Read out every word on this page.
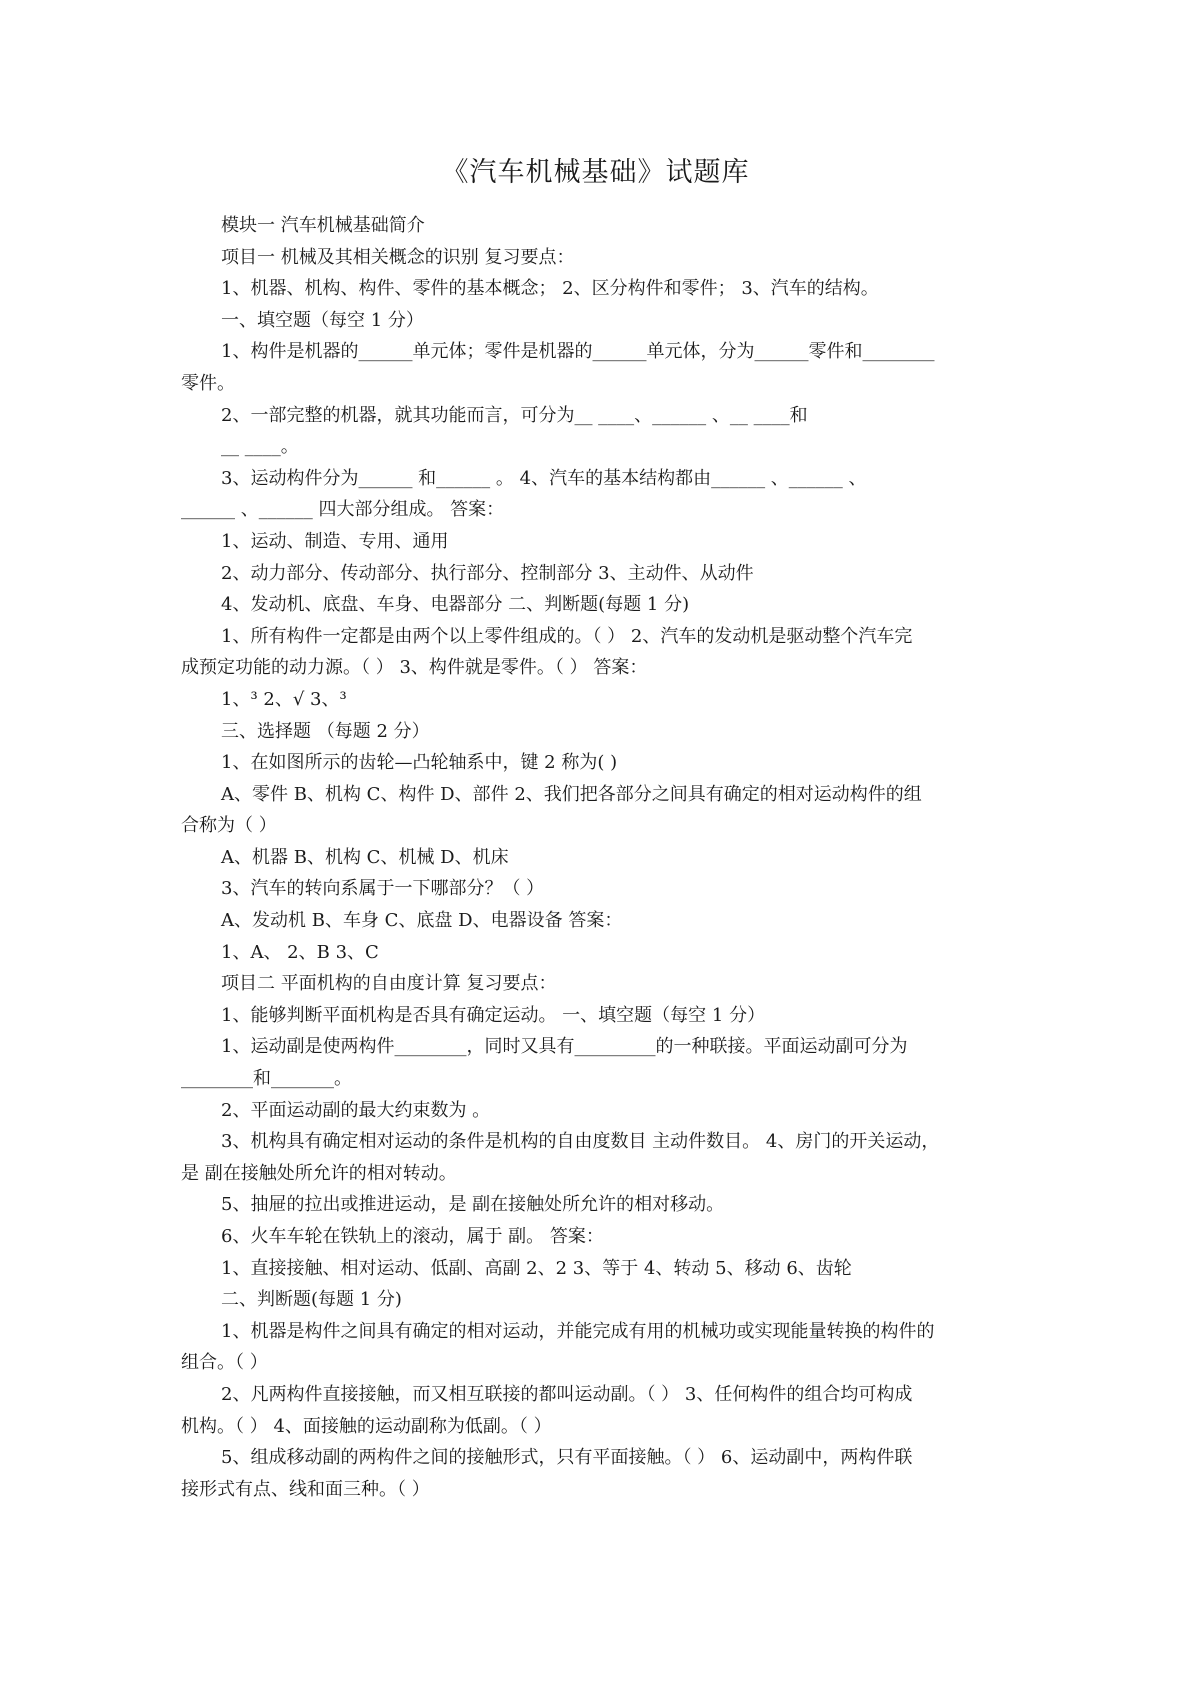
《汽车机械基础》试题库

模块一 汽车机械基础简介

项目一 机械及其相关概念的识别 复习要点：

1、机器、机构、构件、零件的基本概念； 2、区分构件和零件； 3、汽车的结构。

一、填空题（每空 1 分）

1、构件是机器的______单元体；零件是机器的______单元体，分为______零件和________

零件。

2、一部完整的机器，就其功能而言，可分为__ ____、______ 、__ ____和

__ ____。

3、运动构件分为______ 和______ 。 4、汽车的基本结构都由______ 、______ 、

______ 、______ 四大部分组成。 答案：

1、运动、制造、专用、通用

2、动力部分、传动部分、执行部分、控制部分 3、主动件、从动件

4、发动机、底盘、车身、电器部分 二、判断题(每题 1 分)

1、所有构件一定都是由两个以上零件组成的。（ ） 2、汽车的发动机是驱动整个汽车完

成预定功能的动力源。（ ） 3、构件就是零件。（ ） 答案：

1、³ 2、√ 3、³

三、选择题 （每题 2 分）

1、在如图所示的齿轮—凸轮轴系中，键 2 称为( )

A、零件 B、机构 C、构件 D、部件 2、我们把各部分之间具有确定的相对运动构件的组

合称为（ ）

A、机器 B、机构 C、机械 D、机床

3、汽车的转向系属于一下哪部分？（ ）

A、发动机 B、车身 C、底盘 D、电器设备 答案：

1、A、 2、B 3、C

项目二 平面机构的自由度计算 复习要点：

1、能够判断平面机构是否具有确定运动。 一、填空题（每空 1 分）

1、运动副是使两构件________，同时又具有_________的一种联接。平面运动副可分为

________和_______。

2、平面运动副的最大约束数为 。

3、机构具有确定相对运动的条件是机构的自由度数目 主动件数目。 4、房门的开关运动，

是 副在接触处所允许的相对转动。

5、抽屉的拉出或推进运动，是 副在接触处所允许的相对移动。

6、火车车轮在铁轨上的滚动，属于 副。 答案：

1、直接接触、相对运动、低副、高副 2、2 3、等于 4、转动 5、移动 6、齿轮

二、判断题(每题 1 分)

1、机器是构件之间具有确定的相对运动，并能完成有用的机械功或实现能量转换的构件的

组合。（ ）

2、凡两构件直接接触，而又相互联接的都叫运动副。（ ） 3、任何构件的组合均可构成

机构。（ ） 4、面接触的运动副称为低副。（ ）

5、组成移动副的两构件之间的接触形式，只有平面接触。（ ） 6、运动副中，两构件联

接形式有点、线和面三种。（ ）
